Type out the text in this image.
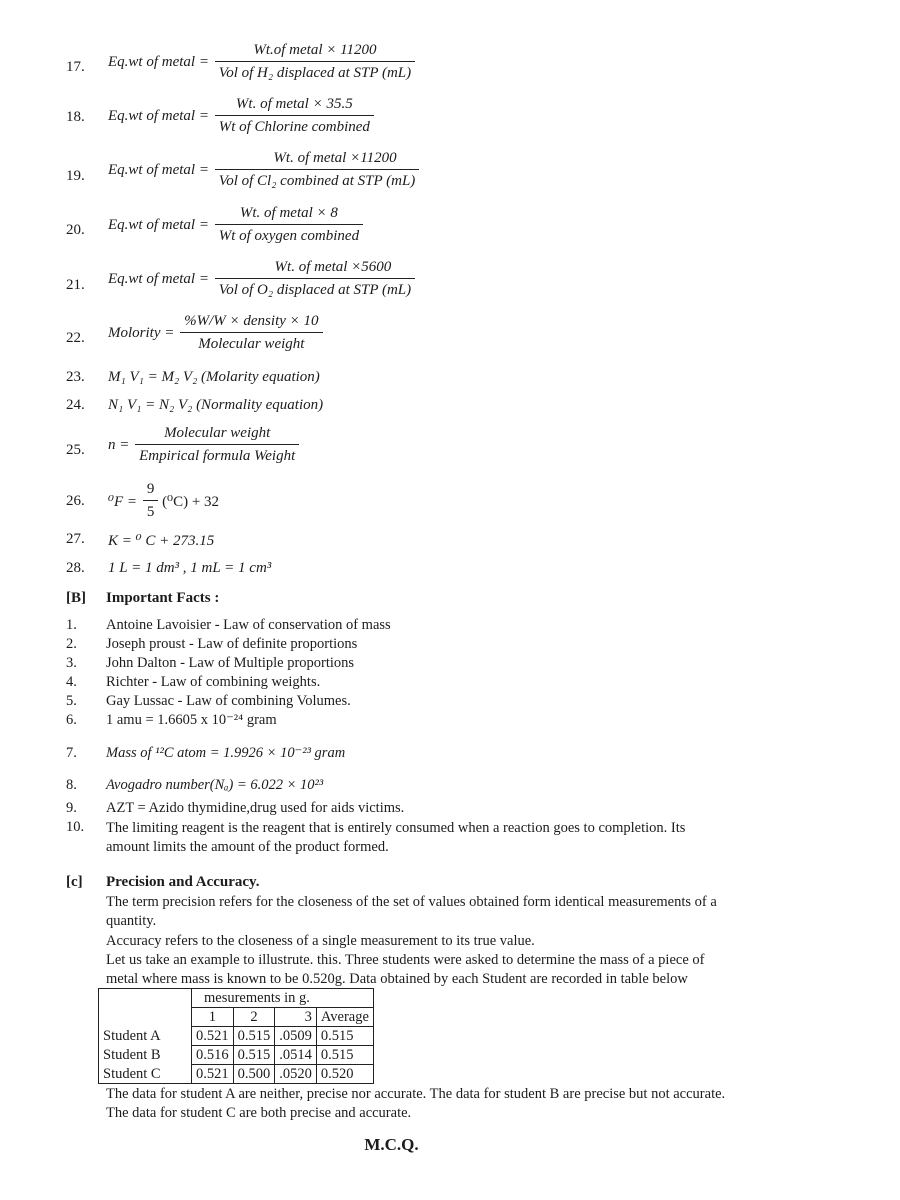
17. Eq.wt of metal = $\frac{\text{Wt.of metal × 11200}}{\text{Vol of H₂ displaced at STP (mL)}}$
18. Eq.wt of metal = $\frac{\text{Wt. of metal × 35.5}}{\text{Wt of Chlorine combined}}$
19. Eq.wt of metal = $\frac{\text{Wt. of metal ×11200}}{\text{Vol of Cl₂ combined at STP (mL)}}$
20. Eq.wt of metal = $\frac{\text{Wt. of metal × 8}}{\text{Wt of oxygen combined}}$
21. Eq.wt of metal = $\frac{\text{Wt. of metal ×5600}}{\text{Vol of O₂ displaced at STP (mL)}}$
22. Molority = $\frac{\text{\%W/W × density × 10}}{\text{Molecular weight}}$
23. M₁ V₁ = M₂ V₂ (Molarity equation)
24. N₁ V₁ = N₂ V₂ (Normality equation)
25. $n = \frac{\text{Molecular weight}}{\text{Empirical formula Weight}}$
26. $^0F = \frac{9}{5} (^0C) + 32$
27. K = ⁰ C + 273.15
28. 1 L = 1 dm³ , 1 mL = 1 cm³
[B] Important Facts :
1. Antoine Lavoisier - Law of conservation of mass
2. Joseph proust - Law of definite proportions
3. John Dalton - Law of Multiple proportions
4. Richter - Law of combining weights.
5. Gay Lussac - Law of combining Volumes.
6. 1 amu = 1.6605 x 10⁻²⁴ gram
7. Mass of ¹²C atom = 1.9926 × 10⁻²³ gram
8. Avogadro number(Nₐ) = 6.022 × 10²³
9. AZT = Azido thymidine,drug used for aids victims.
10. The limiting reagent is the reagent that is entirely consumed when a reaction goes to completion. Its amount limits the amount of the product formed.
[c] Precision and Accuracy.
The term precision refers for the closeness of the set of values obtained form identical measurements of a quantity.
Accuracy refers to the closeness of a single measurement to its true value.
Let us take an example to illustrute. this. Three students were asked to determine the mass of a piece of metal where mass is known to be 0.520g. Data obtained by each Student are recorded in table below
	mesurements in g.			
	1	2	3	Average
Student A	0.521	0.515	.0509	0.515
Student B	0.516	0.515	.0514	0.515
Student C	0.521	0.500	.0520	0.520
The data for student A are neither, precise nor accurate. The data for student B are precise but not accurate. The data for student C are both precise and accurate.
M.C.Q.
